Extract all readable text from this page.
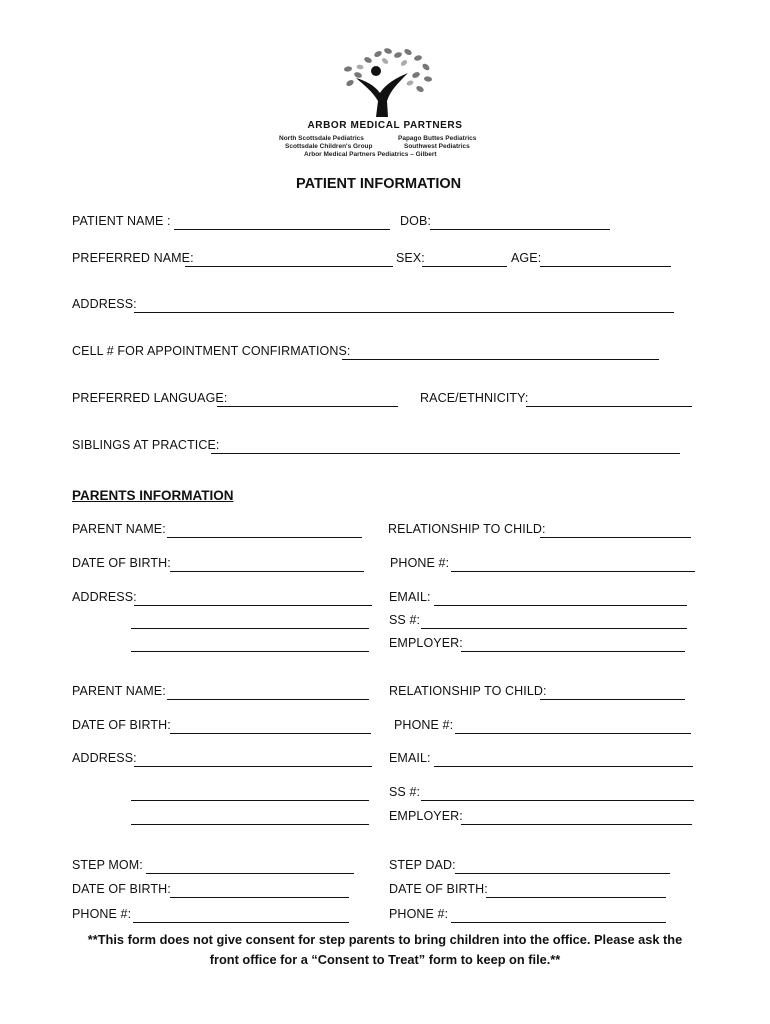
ARBOR MEDICAL PARTNERS
North Scottsdale Pediatrics	Papago Buttes Pediatrics
Scottsdale Children's Group	Southwest Pediatrics
Arbor Medical Partners Pediatrics – Gilbert
PATIENT INFORMATION
PATIENT NAME :	DOB:
PREFERRED NAME:	SEX:	AGE:
ADDRESS:
CELL # FOR APPOINTMENT CONFIRMATIONS:
PREFERRED LANGUAGE:	RACE/ETHNICITY:
SIBLINGS AT PRACTICE:
PARENTS INFORMATION
PARENT NAME:	RELATIONSHIP TO CHILD:
DATE OF BIRTH:	PHONE #:
ADDRESS:	EMAIL:
SS #:
EMPLOYER:
PARENT NAME:	RELATIONSHIP TO CHILD:
DATE OF BIRTH:	PHONE #:
ADDRESS:	EMAIL:
SS #:
EMPLOYER:
STEP MOM:	STEP DAD:
DATE OF BIRTH:	DATE OF BIRTH:
PHONE #:	PHONE #:
**This form does not give consent for step parents to bring children into the office. Please ask the
front office for a “Consent to Treat” form to keep on file.**
